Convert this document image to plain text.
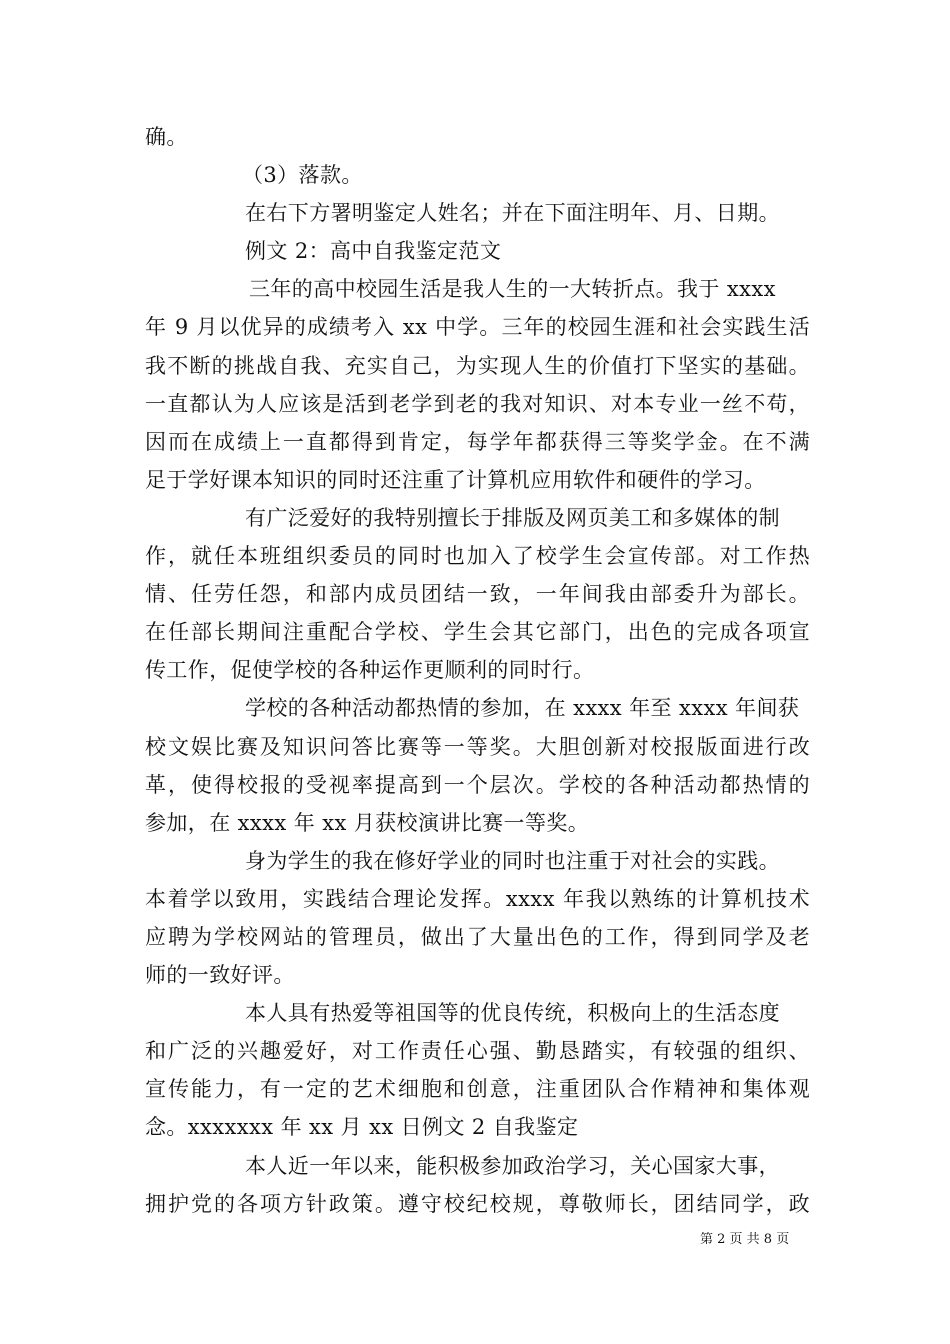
确。
（3）落款。
在右下方署明鉴定人姓名；并在下面注明年、月、日期。
例文 2：高中自我鉴定范文
三年的高中校园生活是我人生的一大转折点。我于 xxxx
年 9 月以优异的成绩考入 xx 中学。三年的校园生涯和社会实践生活
我不断的挑战自我、充实自己，为实现人生的价值打下坚实的基础。
一直都认为人应该是活到老学到老的我对知识、对本专业一丝不苟，
因而在成绩上一直都得到肯定，每学年都获得三等奖学金。在不满
足于学好课本知识的同时还注重了计算机应用软件和硬件的学习。
有广泛爱好的我特别擅长于排版及网页美工和多媒体的制
作，就任本班组织委员的同时也加入了校学生会宣传部。对工作热
情、任劳任怨，和部内成员团结一致，一年间我由部委升为部长。
在任部长期间注重配合学校、学生会其它部门，出色的完成各项宣
传工作，促使学校的各种运作更顺利的同时行。
学校的各种活动都热情的参加，在 xxxx 年至 xxxx 年间获
校文娱比赛及知识问答比赛等一等奖。大胆创新对校报版面进行改
革，使得校报的受视率提高到一个层次。学校的各种活动都热情的
参加，在 xxxx 年 xx 月获校演讲比赛一等奖。
身为学生的我在修好学业的同时也注重于对社会的实践。
本着学以致用，实践结合理论发挥。xxxx 年我以熟练的计算机技术
应聘为学校网站的管理员，做出了大量出色的工作，得到同学及老
师的一致好评。
本人具有热爱等祖国等的优良传统，积极向上的生活态度
和广泛的兴趣爱好，对工作责任心强、勤恳踏实，有较强的组织、
宣传能力，有一定的艺术细胞和创意，注重团队合作精神和集体观
念。xxxxxxx 年 xx 月 xx 日例文 2 自我鉴定
本人近一年以来，能积极参加政治学习，关心国家大事，
拥护党的各项方针政策。遵守校纪校规，尊敬师长，团结同学，政
第 2 页 共 8 页
